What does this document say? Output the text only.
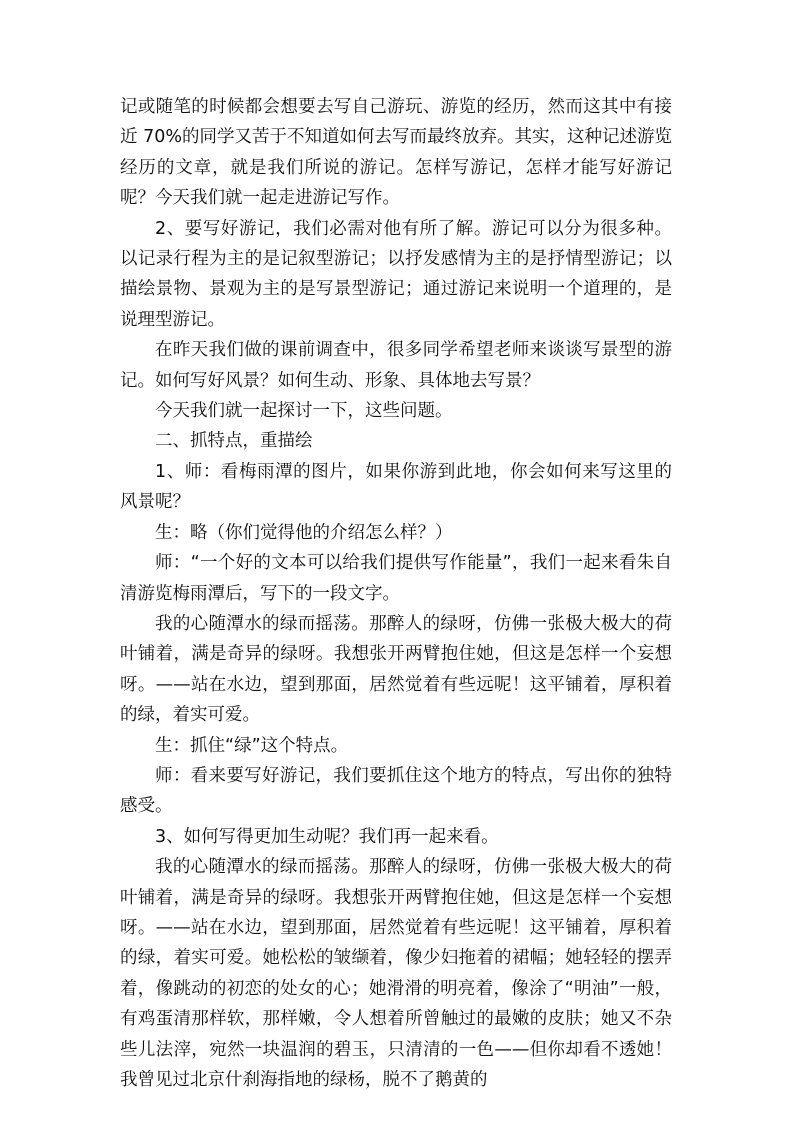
记或随笔的时候都会想要去写自己游玩、游览的经历，然而这其中有接近 70%的同学又苦于不知道如何去写而最终放弃。其实，这种记述游览经历的文章，就是我们所说的游记。怎样写游记，怎样才能写好游记呢？今天我们就一起走进游记写作。

2、要写好游记，我们必需对他有所了解。游记可以分为很多种。以记录行程为主的是记叙型游记；以抒发感情为主的是抒情型游记；以描绘景物、景观为主的是写景型游记；通过游记来说明一个道理的，是说理型游记。

在昨天我们做的课前调查中，很多同学希望老师来谈谈写景型的游记。如何写好风景？如何生动、形象、具体地去写景？

今天我们就一起探讨一下，这些问题。

二、抓特点，重描绘

1、师：看梅雨潭的图片，如果你游到此地，你会如何来写这里的风景呢？

生：略（你们觉得他的介绍怎么样？）

师：“一个好的文本可以给我们提供写作能量”，我们一起来看朱自清游览梅雨潭后，写下的一段文字。

我的心随潭水的绿而摇荡。那醉人的绿呀，仿佛一张极大极大的荷叶铺着，满是奇异的绿呀。我想张开两臂抱住她，但这是怎样一个妄想呀。——站在水边，望到那面，居然觉着有些远呢！这平铺着，厚积着的绿，着实可爱。

生：抓住“绿”这个特点。

师：看来要写好游记，我们要抓住这个地方的特点，写出你的独特感受。

3、如何写得更加生动呢？我们再一起来看。

我的心随潭水的绿而摇荡。那醉人的绿呀，仿佛一张极大极大的荷叶铺着，满是奇异的绿呀。我想张开两臂抱住她，但这是怎样一个妄想呀。——站在水边，望到那面，居然觉着有些远呢！这平铺着，厚积着的绿，着实可爱。她松松的皱缬着，像少妇拖着的裙幅；她轻轻的摆弄着，像跳动的初恋的处女的心；她滑滑的明亮着，像涂了“明油”一般，有鸡蛋清那样软，那样嫩，令人想着所曾触过的最嫩的皮肤；她又不杂些儿法滓，宛然一块温润的碧玉，只清清的一色——但你却看不透她！我曾见过北京什刹海指地的绿杨，脱不了鹅黄的
